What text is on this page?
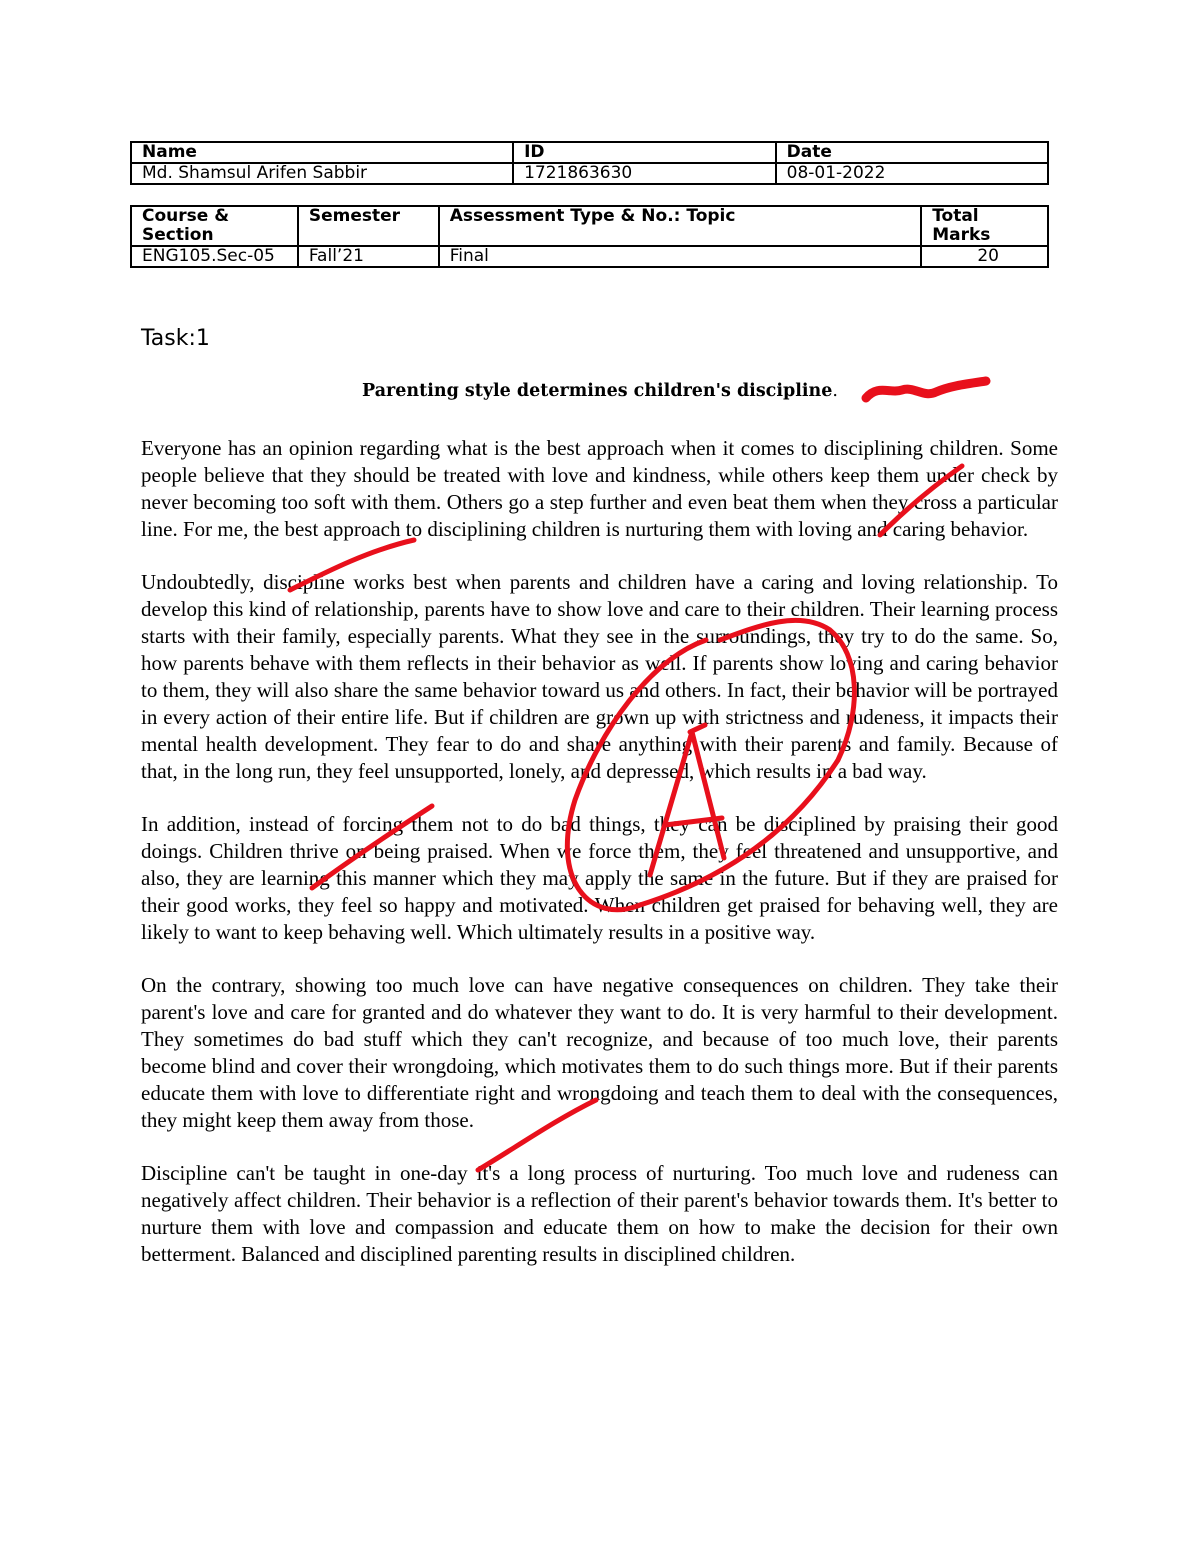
Name	ID	Date
Md. Shamsul Arifen Sabbir	1721863630	08-01-2022
Course & Section	Semester	Assessment Type & No.: Topic	Total Marks
ENG105.Sec-05	Fall’21	Final	20
Task:1
Parenting style determines children's discipline.

Everyone has an opinion regarding what is the best approach when it comes to disciplining children. Some people believe that they should be treated with love and kindness, while others keep them under check by never becoming too soft with them. Others go a step further and even beat them when they cross a particular line. For me, the best approach to disciplining children is nurturing them with loving and caring behavior.

Undoubtedly, discipline works best when parents and children have a caring and loving relationship. To develop this kind of relationship, parents have to show love and care to their children. Their learning process starts with their family, especially parents. What they see in the surroundings, they try to do the same. So, how parents behave with them reflects in their behavior as well. If parents show loving and caring behavior to them, they will also share the same behavior toward us and others. In fact, their behavior will be portrayed in every action of their entire life. But if children are grown up with strictness and rudeness, it impacts their mental health development. They fear to do and share anything with their parents and family. Because of that, in the long run, they feel unsupported, lonely, and depressed, which results in a bad way.

In addition, instead of forcing them not to do bad things, they can be disciplined by praising their good doings. Children thrive on being praised. When we force them, they feel threatened and unsupportive, and also, they are learning this manner which they may apply the same in the future. But if they are praised for their good works, they feel so happy and motivated. When children get praised for behaving well, they are likely to want to keep behaving well. Which ultimately results in a positive way.

On the contrary, showing too much love can have negative consequences on children. They take their parent's love and care for granted and do whatever they want to do. It is very harmful to their development. They sometimes do bad stuff which they can't recognize, and because of too much love, their parents become blind and cover their wrongdoing, which motivates them to do such things more. But if their parents educate them with love to differentiate right and wrongdoing and teach them to deal with the consequences, they might keep them away from those.

Discipline can't be taught in one-day it's a long process of nurturing. Too much love and rudeness can negatively affect children. Their behavior is a reflection of their parent's behavior towards them. It's better to nurture them with love and compassion and educate them on how to make the decision for their own betterment. Balanced and disciplined parenting results in disciplined children.
